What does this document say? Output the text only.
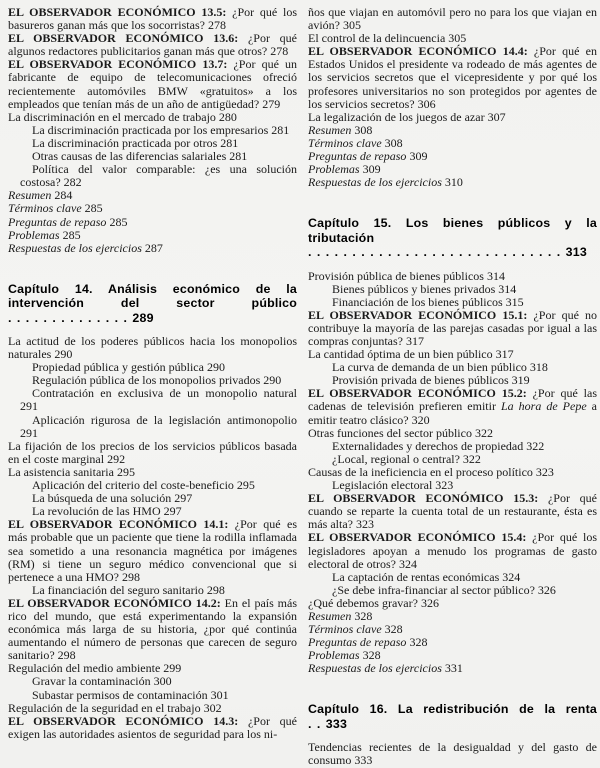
EL OBSERVADOR ECONÓMICO 13.5: ¿Por qué los basureros ganan más que los socorristas? 278

EL OBSERVADOR ECONÓMICO 13.6: ¿Por qué algunos redactores publicitarios ganan más que otros? 278

EL OBSERVADOR ECONÓMICO 13.7: ¿Por qué un fabricante de equipo de telecomunicaciones ofreció recientemente automóviles BMW «gratuitos» a los empleados que tenían más de un año de antigüedad? 279

La discriminación en el mercado de trabajo 280

La discriminación practicada por los empresarios 281

La discriminación practicada por otros 281

Otras causas de las diferencias salariales 281

Política del valor comparable: ¿es una solución costosa? 282

Resumen 284

Términos clave 285

Preguntas de repaso 285

Problemas 285

Respuestas de los ejercicios 287

Capítulo 14. Análisis económico de la intervención del sector público . . . . . . . . . . . . . . 289

La actitud de los poderes públicos hacia los monopolios naturales 290

Propiedad pública y gestión pública 290

Regulación pública de los monopolios privados 290

Contratación en exclusiva de un monopolio natural 291

Aplicación rigurosa de la legislación antimonopolio 291

La fijación de los precios de los servicios públicos basada en el coste marginal 292

La asistencia sanitaria 295

Aplicación del criterio del coste-beneficio 295

La búsqueda de una solución 297

La revolución de las HMO 297

EL OBSERVADOR ECONÓMICO 14.1: ¿Por qué es más probable que un paciente que tiene la rodilla inflamada sea sometido a una resonancia magnética por imágenes (RM) si tiene un seguro médico convencional que si pertenece a una HMO? 298

La financiación del seguro sanitario 298

EL OBSERVADOR ECONÓMICO 14.2: En el país más rico del mundo, que está experimentando la expansión económica más larga de su historia, ¿por qué continúa aumentando el número de personas que carecen de seguro sanitario? 298

Regulación del medio ambiente 299

Gravar la contaminación 300

Subastar permisos de contaminación 301

Regulación de la seguridad en el trabajo 302

EL OBSERVADOR ECONÓMICO 14.3: ¿Por qué exigen las autoridades asientos de seguridad para los ni-

ños que viajan en automóvil pero no para los que viajan en avión? 305

El control de la delincuencia 305

EL OBSERVADOR ECONÓMICO 14.4: ¿Por qué en Estados Unidos el presidente va rodeado de más agentes de los servicios secretos que el vicepresidente y por qué los profesores universitarios no son protegidos por agentes de los servicios secretos? 306

La legalización de los juegos de azar 307

Resumen 308

Términos clave 308

Preguntas de repaso 309

Problemas 309

Respuestas de los ejercicios 310

Capítulo 15. Los bienes públicos y la tributación . . . . . . . . . . . . . . . . . . . . . . . . . . . . . 313

Provisión pública de bienes públicos 314

Bienes públicos y bienes privados 314

Financiación de los bienes públicos 315

EL OBSERVADOR ECONÓMICO 15.1: ¿Por qué no contribuye la mayoría de las parejas casadas por igual a las compras conjuntas? 317

La cantidad óptima de un bien público 317

La curva de demanda de un bien público 318

Provisión privada de bienes públicos 319

EL OBSERVADOR ECONÓMICO 15.2: ¿Por qué las cadenas de televisión prefieren emitir La hora de Pepe a emitir teatro clásico? 320

Otras funciones del sector público 322

Externalidades y derechos de propiedad 322

¿Local, regional o central? 322

Causas de la ineficiencia en el proceso político 323

Legislación electoral 323

EL OBSERVADOR ECONÓMICO 15.3: ¿Por qué cuando se reparte la cuenta total de un restaurante, ésta es más alta? 323

EL OBSERVADOR ECONÓMICO 15.4: ¿Por qué los legisladores apoyan a menudo los programas de gasto electoral de otros? 324

La captación de rentas económicas 324

¿Se debe infra-financiar al sector público? 326

¿Qué debemos gravar? 326

Resumen 328

Términos clave 328

Preguntas de repaso 328

Problemas 328

Respuestas de los ejercicios 331

Capítulo 16. La redistribución de la renta . . 333

Tendencias recientes de la desigualdad y del gasto de consumo 333
